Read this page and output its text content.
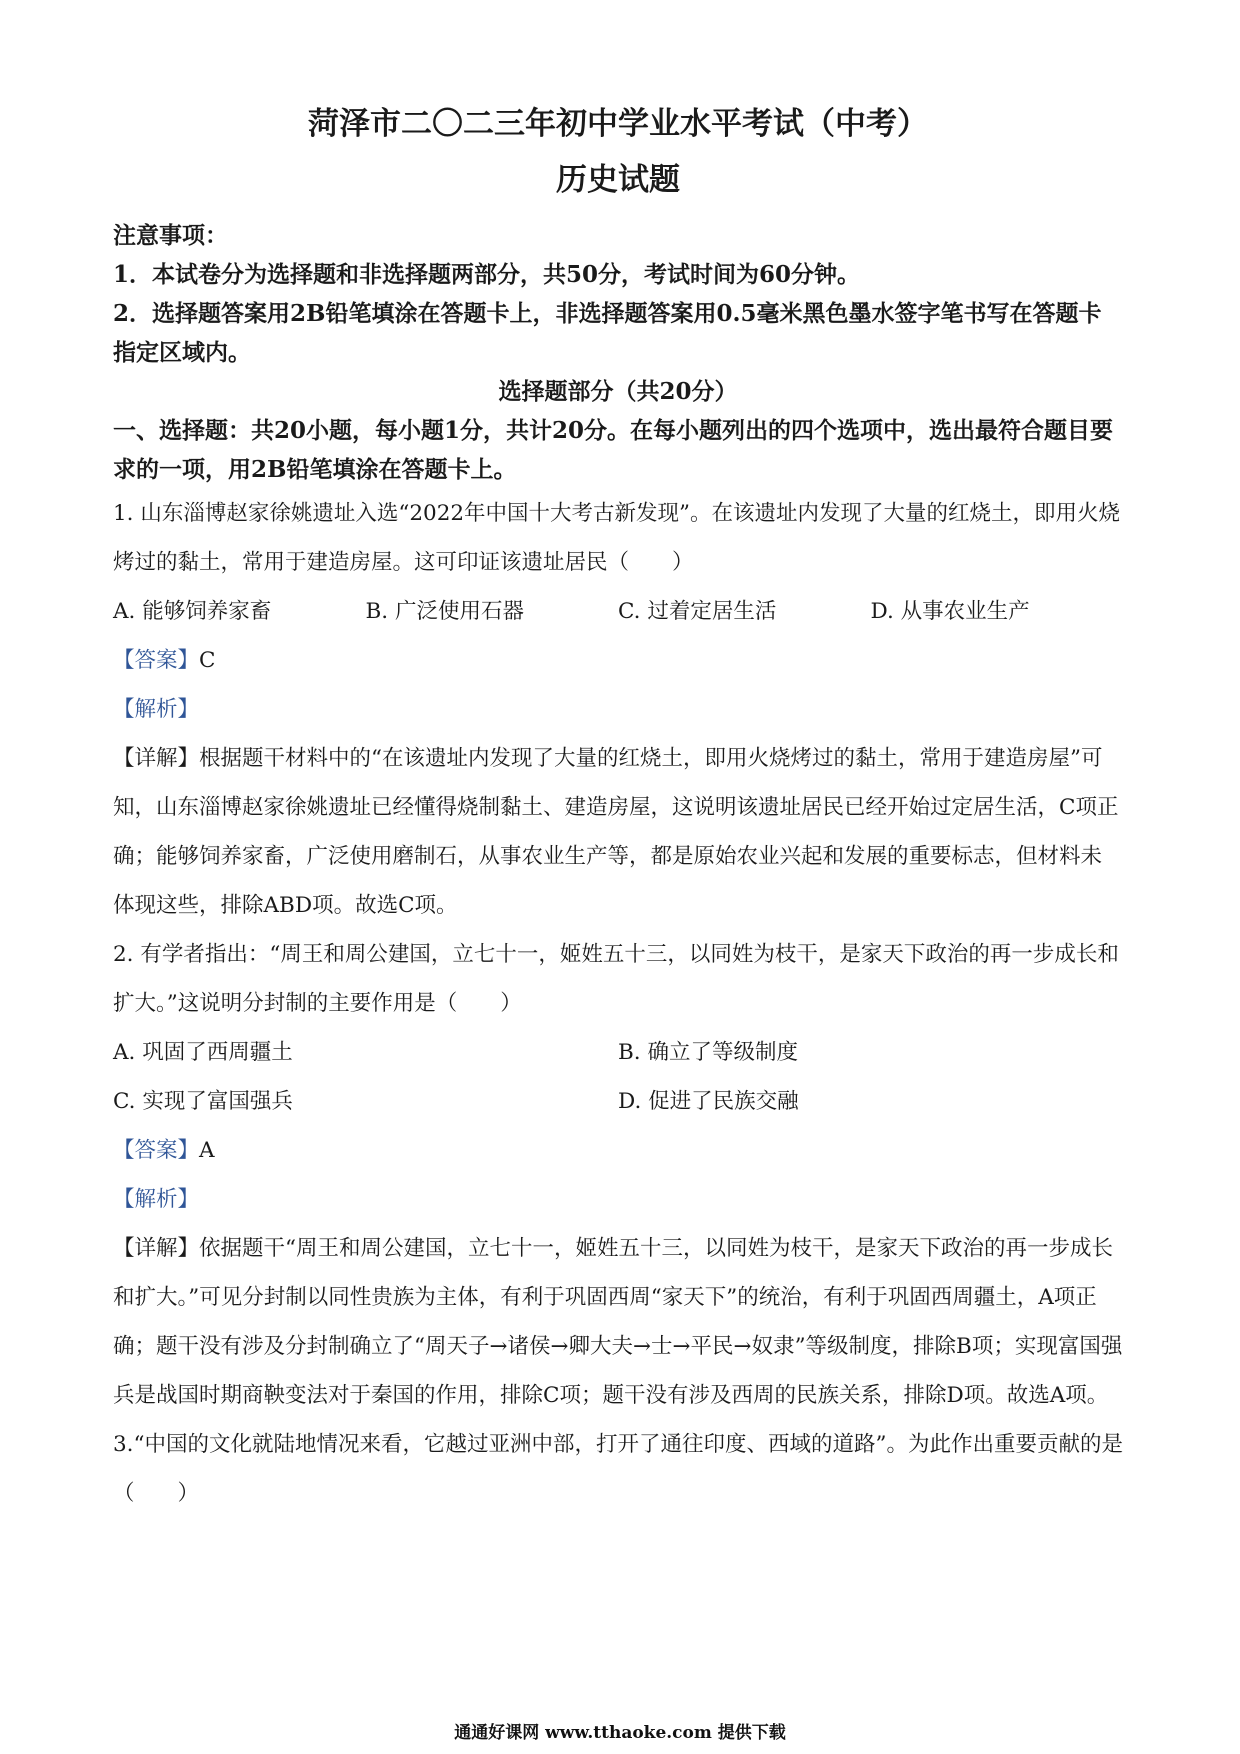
菏泽市二〇二三年初中学业水平考试（中考）
历史试题

注意事项：

1．本试卷分为选择题和非选择题两部分，共50分，考试时间为60分钟。

2．选择题答案用2B铅笔填涂在答题卡上，非选择题答案用0.5毫米黑色墨水签字笔书写在答题卡指定区域内。

选择题部分（共20分）

一、选择题：共20小题，每小题1分，共计20分。在每小题列出的四个选项中，选出最符合题目要求的一项，用2B铅笔填涂在答题卡上。

1. 山东淄博赵家徐姚遗址入选“2022年中国十大考古新发现”。在该遗址内发现了大量的红烧土，即用火烧烤过的黏土，常用于建造房屋。这可印证该遗址居民（　　）

A. 能够饲养家畜	B. 广泛使用石器	C. 过着定居生活	D. 从事农业生产

【答案】C

【解析】

【详解】根据题干材料中的“在该遗址内发现了大量的红烧土，即用火烧烤过的黏土，常用于建造房屋”可知，山东淄博赵家徐姚遗址已经懂得烧制黏土、建造房屋，这说明该遗址居民已经开始过定居生活，C项正确；能够饲养家畜，广泛使用磨制石，从事农业生产等，都是原始农业兴起和发展的重要标志，但材料未体现这些，排除ABD项。故选C项。

2. 有学者指出：“周王和周公建国，立七十一，姬姓五十三，以同姓为枝干，是家天下政治的再一步成长和扩大。”这说明分封制的主要作用是（　　）

A. 巩固了西周疆土	B. 确立了等级制度
C. 实现了富国强兵	D. 促进了民族交融

【答案】A

【解析】

【详解】依据题干“周王和周公建国，立七十一，姬姓五十三，以同姓为枝干，是家天下政治的再一步成长和扩大。”可见分封制以同性贵族为主体，有利于巩固西周“家天下”的统治，有利于巩固西周疆土，A项正确；题干没有涉及分封制确立了“周天子→诸侯→卿大夫→士→平民→奴隶”等级制度，排除B项；实现富国强兵是战国时期商鞅变法对于秦国的作用，排除C项；题干没有涉及西周的民族关系，排除D项。故选A项。

3.“中国的文化就陆地情况来看，它越过亚洲中部，打开了通往印度、西域的道路”。为此作出重要贡献的是（　　）

通通好课网 www.tthaoke.com 提供下载
